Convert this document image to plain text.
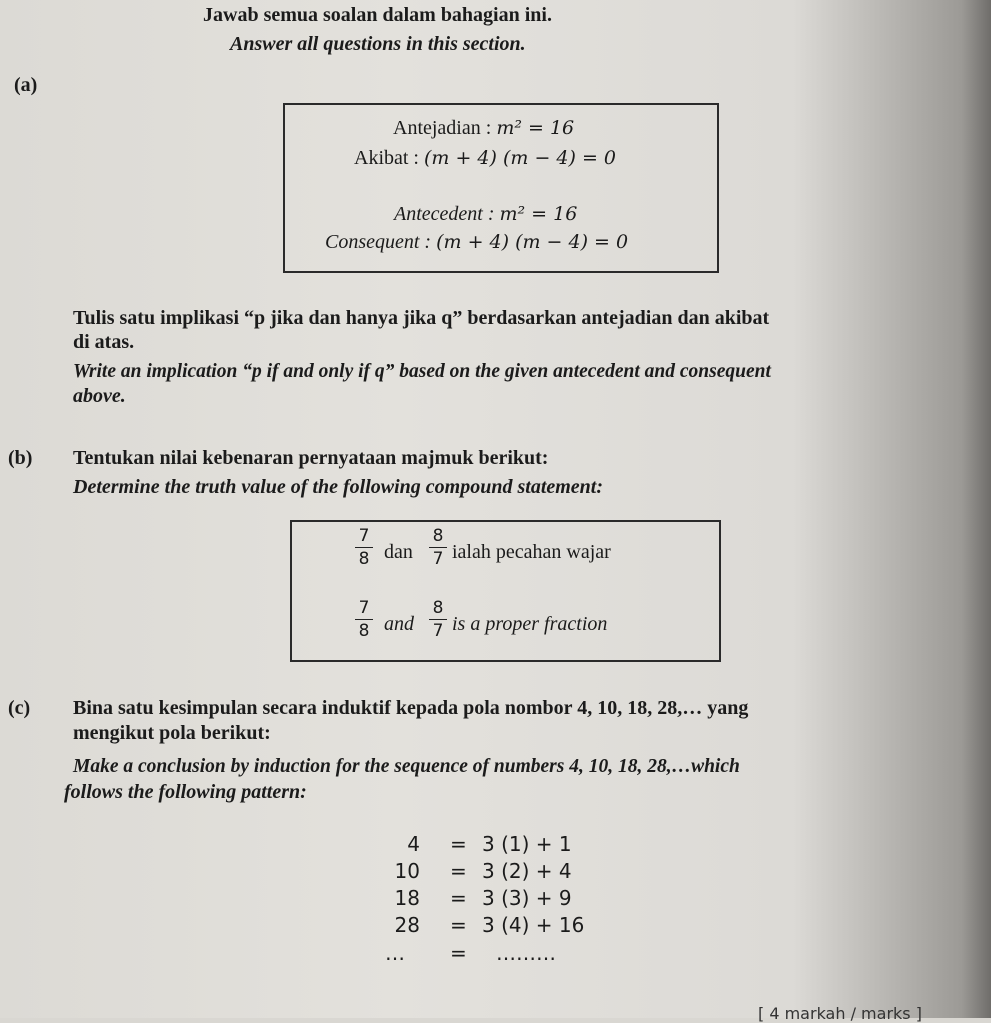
Jawab semua soalan dalam bahagian ini.
Answer all questions in this section.
(a)
Antejadian : m² = 16
Akibat : (m + 4) (m − 4) = 0
Antecedent : m² = 16
Consequent : (m + 4) (m − 4) = 0
Tulis satu implikasi “p jika dan hanya jika q” berdasarkan antejadian dan akibat
di atas.
Write an implication “p if and only if q” based on the given antecedent and consequent
above.
(b) Tentukan nilai kebenaran pernyataan majmuk berikut:
Determine the truth value of the following compound statement:
7
8 dan
8
7 ialah pecahan wajar
7
8 and
8
7 is a proper fraction
(c) Bina satu kesimpulan secara induktif kepada pola nombor 4, 10, 18, 28,… yang
mengikut pola berikut:
Make a conclusion by induction for the sequence of numbers 4, 10, 18, 28,…which
follows the following pattern:
4 = 3 (1) + 1
10 = 3 (2) + 4
18 = 3 (3) + 9
28 = 3 (4) + 16
… = ………
[ 4 markah / marks ]
